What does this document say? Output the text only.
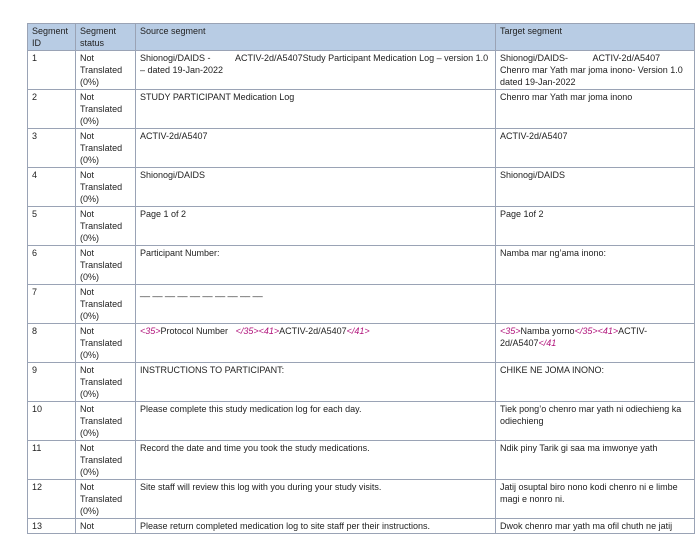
Segment ID	Segment status	Source segment	Target segment
1	Not Translated (0%)	Shionogi/DAIDS -          ACTIV-2d/A5407Study Participant Medication Log – version 1.0 – dated 19-Jan-2022	Shionogi/DAIDS-          ACTIV-2d/A5407 Chenro mar Yath mar joma inono- Version 1.0 dated 19-Jan-2022
2	Not Translated (0%)	STUDY PARTICIPANT Medication Log	Chenro mar Yath mar joma inono
3	Not Translated (0%)	ACTIV-2d/A5407	ACTIV-2d/A5407
4	Not Translated (0%)	Shionogi/DAIDS	Shionogi/DAIDS
5	Not Translated (0%)	Page 1 of 2	Page 1of 2
6	Not Translated (0%)	Participant Number:	Namba mar ng’ama inono:
7	Not Translated (0%)	__ __ __ __ __ __ __ __ __ __	
8	Not Translated (0%)	<35>Protocol Number   </35><41>ACTIV-2d/A5407</41>	<35>Namba yorno</35><41>ACTIV-2d/A5407</41
9	Not Translated (0%)	INSTRUCTIONS TO PARTICIPANT:	CHIKE NE JOMA INONO:
10	Not Translated (0%)	Please complete this study medication log for each day.	Tiek pong’o chenro mar yath ni odiechieng ka odiechieng
11	Not Translated (0%)	Record the date and time you took the study medications.	Ndik piny Tarik gi saa ma imwonye yath
12	Not Translated (0%)	Site staff will review this log with you during your study visits.	Jatij osuptal biro nono kodi chenro ni e limbe magi e nonro ni.
13	Not	Please return completed medication log to site staff per their instructions.	Dwok chenro mar yath ma ofil chuth ne jatij
